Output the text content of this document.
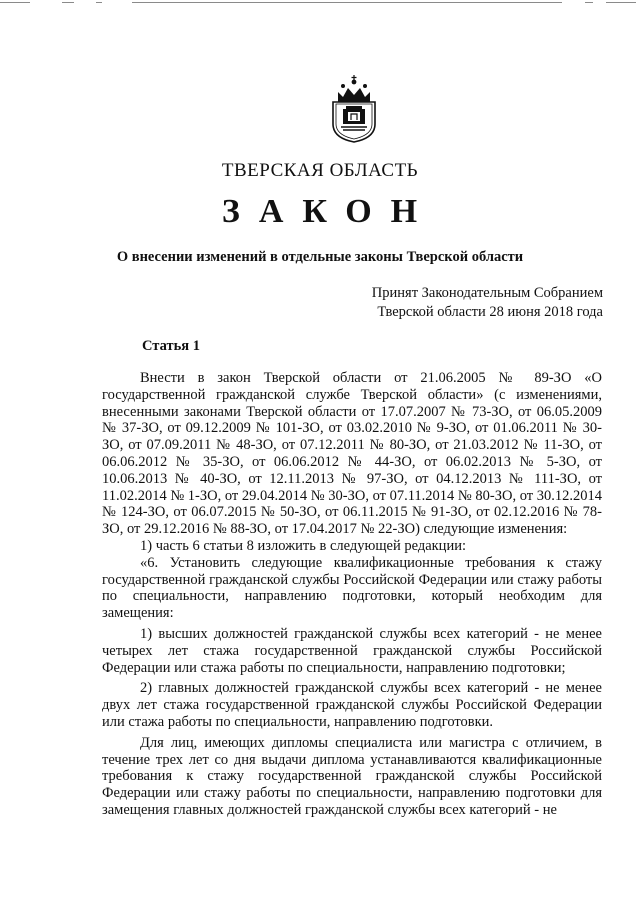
ТВЕРСКАЯ ОБЛАСТЬ
ЗАКОН
О внесении изменений в отдельные законы Тверской области
Принят Законодательным Собранием
Тверской области 28 июня 2018 года
Статья 1

Внести в закон Тверской области от 21.06.2005 № 89-ЗО «О государственной гражданской службе Тверской области» (с изменениями, внесенными законами Тверской области от 17.07.2007 № 73-ЗО, от 06.05.2009 № 37-ЗО, от 09.12.2009 № 101-ЗО, от 03.02.2010 № 9-ЗО, от 01.06.2011 № 30-ЗО, от 07.09.2011 № 48-ЗО, от 07.12.2011 № 80-ЗО, от 21.03.2012 № 11-ЗО, от 06.06.2012 № 35-ЗО, от 06.06.2012 № 44-ЗО, от 06.02.2013 № 5-ЗО, от 10.06.2013 № 40-ЗО, от 12.11.2013 № 97-ЗО, от 04.12.2013 № 111-ЗО, от 11.02.2014 № 1-ЗО, от 29.04.2014 № 30-ЗО, от 07.11.2014 № 80-ЗО, от 30.12.2014 № 124-ЗО, от 06.07.2015 № 50-ЗО, от 06.11.2015 № 91-ЗО, от 02.12.2016 № 78-ЗО, от 29.12.2016 № 88-ЗО, от 17.04.2017 № 22-ЗО) следующие изменения:

1) часть 6 статьи 8 изложить в следующей редакции:

«6. Установить следующие квалификационные требования к стажу государственной гражданской службы Российской Федерации или стажу работы по специальности, направлению подготовки, который необходим для замещения:

1) высших должностей гражданской службы всех категорий - не менее четырех лет стажа государственной гражданской службы Российской Федерации или стажа работы по специальности, направлению подготовки;

2) главных должностей гражданской службы всех категорий - не менее двух лет стажа государственной гражданской службы Российской Федерации или стажа работы по специальности, направлению подготовки.

Для лиц, имеющих дипломы специалиста или магистра с отличием, в течение трех лет со дня выдачи диплома устанавливаются квалификационные требования к стажу государственной гражданской службы Российской Федерации или стажу работы по специальности, направлению подготовки для замещения главных должностей гражданской службы всех категорий - не
